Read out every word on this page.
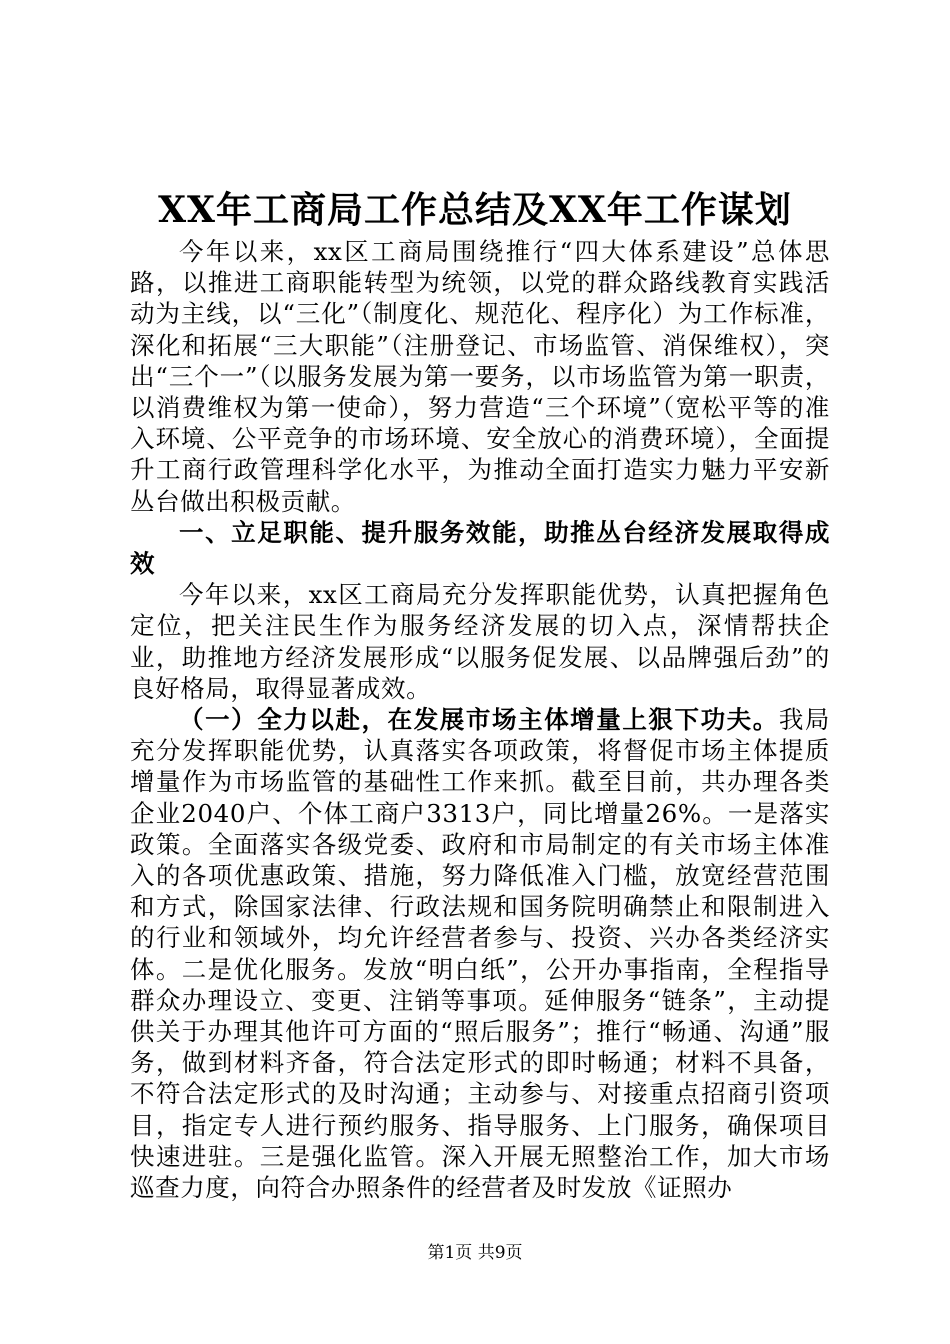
XX年工商局工作总结及XX年工作谋划

今年以来，xx区工商局围绕推行“四大体系建设”总体思路，以推进工商职能转型为统领，以党的群众路线教育实践活动为主线，以“三化”（制度化、规范化、程序化）为工作标准，深化和拓展“三大职能”（注册登记、市场监管、消保维权），突出“三个一”（以服务发展为第一要务，以市场监管为第一职责，以消费维权为第一使命），努力营造“三个环境”（宽松平等的准入环境、公平竞争的市场环境、安全放心的消费环境），全面提升工商行政管理科学化水平，为推动全面打造实力魅力平安新丛台做出积极贡献。

一、立足职能、提升服务效能，助推丛台经济发展取得成效

今年以来，xx区工商局充分发挥职能优势，认真把握角色定位，把关注民生作为服务经济发展的切入点，深情帮扶企业，助推地方经济发展形成“以服务促发展、以品牌强后劲”的良好格局，取得显著成效。

（一）全力以赴，在发展市场主体增量上狠下功夫。我局充分发挥职能优势，认真落实各项政策，将督促市场主体提质增量作为市场监管的基础性工作来抓。截至目前，共办理各类企业2040户、个体工商户3313户，同比增量26%。一是落实政策。全面落实各级党委、政府和市局制定的有关市场主体准入的各项优惠政策、措施，努力降低准入门槛，放宽经营范围和方式，除国家法律、行政法规和国务院明确禁止和限制进入的行业和领域外，均允许经营者参与、投资、兴办各类经济实体。二是优化服务。发放“明白纸”，公开办事指南，全程指导群众办理设立、变更、注销等事项。延伸服务“链条”，主动提供关于办理其他许可方面的“照后服务”；推行“畅通、沟通”服务，做到材料齐备，符合法定形式的即时畅通；材料不具备，不符合法定形式的及时沟通；主动参与、对接重点招商引资项目，指定专人进行预约服务、指导服务、上门服务，确保项目快速进驻。三是强化监管。深入开展无照整治工作，加大市场巡查力度，向符合办照条件的经营者及时发放《证照办

第1页 共9页
